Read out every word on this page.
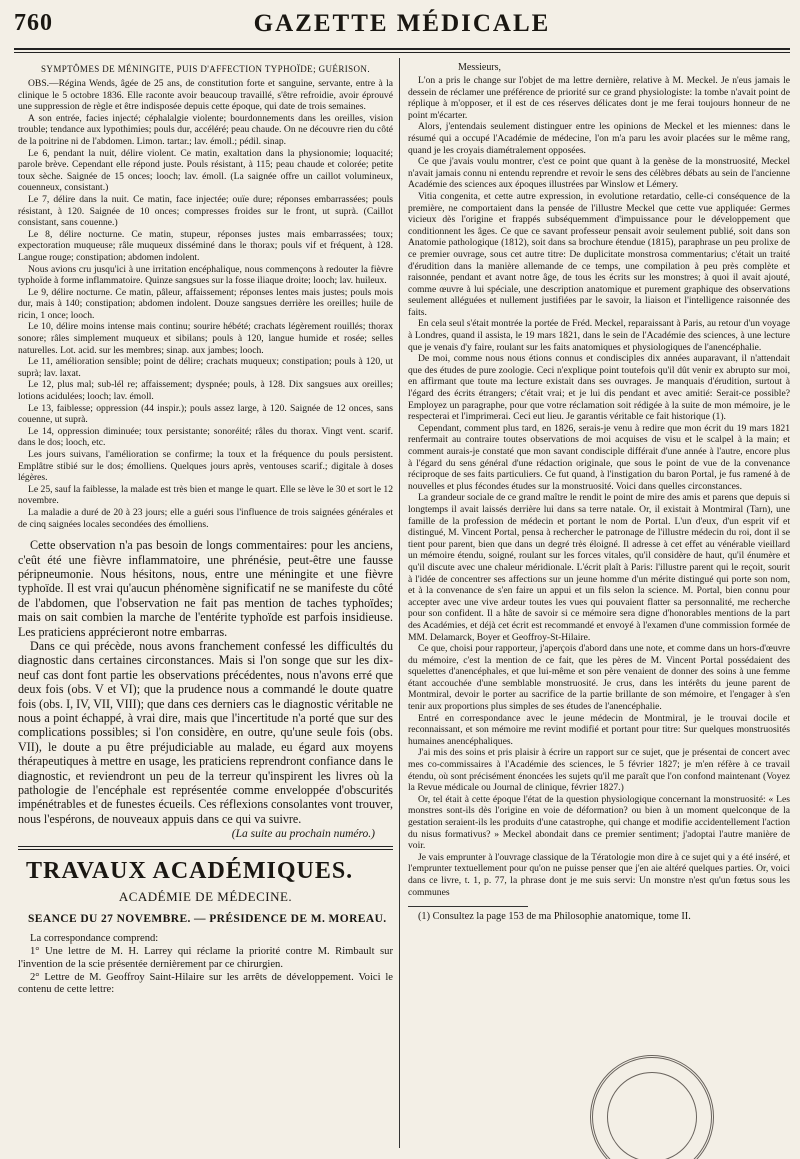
760	GAZETTE MÉDICALE
SYMPTÔMES DE MÉNINGITE, PUIS D'AFFECTION TYPHOÏDE; GUÉRISON.

OBS.—Régina Wends, âgée de 25 ans, de constitution forte et sanguine, servante, entre à la clinique le 5 octobre 1836. Elle raconte avoir beaucoup travaillé, s'être refroidie, avoir éprouvé une suppression de règle et être indisposée depuis cette époque, qui date de trois semaines.

A son entrée, facies injecté; céphalalgie violente; bourdonnements dans les oreilles, vision trouble; tendance aux lypothimies; pouls dur, accéléré; peau chaude. On ne découvre rien du côté de la poitrine ni de l'abdomen. Limon. tartar.; lav. émoll.; pédil. sinap.

Le 6, pendant la nuit, délire violent. Ce matin, exaltation dans la physionomie; loquacité; parole brève. Cependant elle répond juste. Pouls résistant, à 115; peau chaude et colorée; petite toux sèche. Saignée de 15 onces; looch; lav. émoll. (La saignée offre un caillot volumineux, couenneux, consistant.)

Le 7, délire dans la nuit. Ce matin, face injectée; ouïe dure; réponses embarrassées; pouls résistant, à 120. Saignée de 10 onces; compresses froides sur le front, ut suprà. (Caillot consistant, sans couenne.)

Le 8, délire nocturne. Ce matin, stupeur, réponses justes mais embarrassées; toux; expectoration muqueuse; râle muqueux disséminé dans le thorax; pouls vif et fréquent, à 128. Langue rouge; constipation; abdomen indolent.

Nous avions cru jusqu'ici à une irritation encéphalique, nous commençons à redouter la fièvre typhoïde à forme inflammatoire. Quinze sangsues sur la fosse iliaque droite; looch; lav. huileux.

Le 9, délire nocturne. Ce matin, pâleur, affaissement; réponses lentes mais justes; pouls mois dur, mais à 140; constipation; abdomen indolent. Douze sangsues derrière les oreilles; huile de ricin, 1 once; looch.

Le 10, délire moins intense mais continu; sourire hébété; crachats légèrement rouillés; thorax sonore; râles simplement muqueux et sibilans; pouls à 120, langue humide et rosée; selles naturelles. Lot. acid. sur les membres; sinap. aux jambes; looch.

Le 11, amélioration sensible; point de délire; crachats muqueux; constipation; pouls à 120, ut suprà; lav. laxat.

Le 12, plus mal; sub-lél re; affaissement; dyspnée; pouls, à 128. Dix sangsues aux oreilles; lotions acidulées; looch; lav. émoll.

Le 13, faiblesse; oppression (44 inspir.); pouls assez large, à 120. Saignée de 12 onces, sans couenne, ut suprà.

Le 14, oppression diminuée; toux persistante; sonoréité; râles du thorax. Vingt vent. scarif. dans le dos; looch, etc.

Les jours suivans, l'amélioration se confirme; la toux et la fréquence du pouls persistent. Emplâtre stibié sur le dos; émolliens. Quelques jours après, ventouses scarif.; digitale à doses légères.

Le 25, sauf la faiblesse, la malade est très bien et mange le quart. Elle se lève le 30 et sort le 12 novembre.

La maladie a duré de 20 à 23 jours; elle a guéri sous l'influence de trois saignées générales et de cinq saignées locales secondées des émolliens.

Cette observation n'a pas besoin de longs commentaires: pour les anciens, c'eût été une fièvre inflammatoire, une phrénésie, peut-être une fausse péripneumonie. Nous hésitons, nous, entre une méningite et une fièvre typhoïde. Il est vrai qu'aucun phénomène significatif ne se manifeste du côté de l'abdomen, que l'observation ne fait pas mention de taches typhoïdes; mais on sait combien la marche de l'entérite typhoïde est parfois insidieuse. Les praticiens apprécieront notre embarras.

Dans ce qui précède, nous avons franchement confessé les difficultés du diagnostic dans certaines circonstances. Mais si l'on songe que sur les dix-neuf cas dont font partie les observations précédentes, nous n'avons erré que deux fois (obs. V et VI); que la prudence nous a commandé le doute quatre fois (obs. I, IV, VII, VIII); que dans ces derniers cas le diagnostic véritable ne nous a point échappé, à vrai dire, mais que l'incertitude n'a porté que sur des complications possibles; si l'on considère, en outre, qu'une seule fois (obs. VII), le doute a pu être préjudiciable au malade, eu égard aux moyens thérapeutiques à mettre en usage, les praticiens reprendront confiance dans le diagnostic, et reviendront un peu de la terreur qu'inspirent les livres où la pathologie de l'encéphale est représentée comme enveloppée d'obscurités impénétrables et de funestes écueils. Ces réflexions consolantes vont trouver, nous l'espérons, de nouveaux appuis dans ce qui va suivre.

(La suite au prochain numéro.)
TRAVAUX ACADÉMIQUES.
ACADÉMIE DE MÉDECINE.
SEANCE DU 27 NOVEMBRE. — PRÉSIDENCE DE M. MOREAU.

La correspondance comprend:

1° Une lettre de M. H. Larrey qui réclame la priorité contre M. Rimbault sur l'invention de la scie présentée dernièrement par ce chirurgien.

2° Lettre de M. Geoffroy Saint-Hilaire sur les arrêts de développement. Voici le contenu de cette lettre:

Messieurs,

L'on a pris le change sur l'objet de ma lettre dernière, relative à M. Meckel. Je n'eus jamais le dessein de réclamer une préférence de priorité sur ce grand physiologiste: la tombe n'avait point de réplique à m'opposer, et il est de ces réserves délicates dont je me ferai toujours honneur de ne point m'écarter.

Alors, j'entendais seulement distinguer entre les opinions de Meckel et les miennes: dans le résumé qui a occupé l'Académie de médecine, l'on m'a paru les avoir placées sur le même rang, quand je les croyais diamétralement opposées.

Ce que j'avais voulu montrer, c'est ce point que quant à la genèse de la monstruosité, Meckel n'avait jamais connu ni entendu reprendre et revoir le sens des célèbres débats au sein de l'ancienne Académie des sciences aux époques illustrées par Winslow et Lémery.

Vitia congenita, et cette autre expression, in evolutione retardatio, celle-ci conséquence de la première, ne comportaient dans la pensée de l'illustre Meckel que cette vue appliquée: Germes vicieux dès l'origine et frappés subséquemment d'impuissance pour le développement que conditionnent les âges. Ce que ce savant professeur pensait avoir seulement publié, soit dans son Anatomie pathologique (1812), soit dans sa brochure étendue (1815), paraphrase un peu prolixe de ce premier ouvrage, sous cet autre titre: De duplicitate monstrosa commentarius; c'était un traité d'érudition dans la manière allemande de ce temps, une compilation à peu près complète et raisonnée, pendant et avant notre âge, de tous les écrits sur les monstres; à quoi il avait ajouté, comme œuvre à lui spéciale, une description anatomique et purement graphique des observations seulement alléguées et nullement justifiées par le savoir, la liaison et l'intelligence raisonnée des faits.

En cela seul s'était montrée la portée de Fréd. Meckel, reparaissant à Paris, au retour d'un voyage à Londres, quand il assista, le 19 mars 1821, dans le sein de l'Académie des sciences, à une lecture que je venais d'y faire, roulant sur les faits anatomiques et physiologiques de l'anencéphalie.

De moi, comme nous nous étions connus et condisciples dix années auparavant, il n'attendait que des études de pure zoologie. Ceci n'explique point toutefois qu'il dût venir ex abrupto sur moi, en affirmant que toute ma lecture existait dans ses ouvrages. Je manquais d'érudition, surtout à l'égard des écrits étrangers; c'était vrai; et je lui dis pendant et avec amitié: Serait-ce possible? Employez un paragraphe, pour que votre réclamation soit rédigée à la suite de mon mémoire, je le respecterai et l'imprimerai. Ceci eut lieu. Je garantis véritable ce fait historique (1).

Cependant, comment plus tard, en 1826, serais-je venu à redire que mon écrit du 19 mars 1821 renfermait au contraire toutes observations de moi acquises de visu et le scalpel à la main; et comment aurais-je constaté que mon savant condisciple différait d'une année à l'autre, encore plus à l'égard du sens général d'une rédaction originale, que sous le point de vue de la convenance réciproque de ses faits particuliers. Ce fut quand, à l'instigation du baron Portal, je fus ramené à de nouvelles et plus fécondes études sur la monstruosité. Voici dans quelles circonstances.

La grandeur sociale de ce grand maître le rendit le point de mire des amis et parens que depuis si longtemps il avait laissés derrière lui dans sa terre natale. Or, il existait à Montmiral (Tarn), une famille de la profession de médecin et portant le nom de Portal. L'un d'eux, d'un esprit vif et distingué, M. Vincent Portal, pensa à rechercher le patronage de l'illustre médecin du roi, dont il se tient pour parent, bien que dans un degré très éloigné. Il adresse à cet effet au vénérable vieillard un mémoire étendu, soigné, roulant sur les forces vitales, qu'il considère de haut, qu'il énumère et qu'il discute avec une chaleur méridionale. L'écrit plaît à Paris: l'illustre parent qui le reçoit, sourit à l'idée de concentrer ses affections sur un jeune homme d'un mérite distingué qui porte son nom, et à la convenance de s'en faire un appui et un fils selon la science. M. Portal, bien connu pour accepter avec une vive ardeur toutes les vues qui pouvaient flatter sa personnalité, me recherche pour son confident. Il a hâte de savoir si ce mémoire sera digne d'honorables mentions de la part des Académies, et déjà cet écrit est recommandé et envoyé à l'examen d'une commission formée de MM. Delamarck, Boyer et Geoffroy-St-Hilaire.

Ce que, choisi pour rapporteur, j'aperçois d'abord dans une note, et comme dans un hors-d'œuvre du mémoire, c'est la mention de ce fait, que les pères de M. Vincent Portal possédaient des squelettes d'anencéphales, et que lui-même et son père venaient de donner des soins à une femme étant accouchée d'une semblable monstruosité. Je crus, dans les intérêts du jeune parent de Montmiral, devoir le porter au sacrifice de la partie brillante de son mémoire, et l'engager à s'en tenir aux proportions plus simples de ses études de l'anencéphalie.

Entré en correspondance avec le jeune médecin de Montmiral, je le trouvai docile et reconnaissant, et son mémoire me revint modifié et portant pour titre: Sur quelques monstruosités humaines anencéphaliques.

J'ai mis des soins et pris plaisir à écrire un rapport sur ce sujet, que je présentai de concert avec mes co-commissaires à l'Académie des sciences, le 5 février 1827; je m'en réfère à ce travail étendu, où sont précisément énoncées les sujets qu'il me paraît que l'on confond maintenant (Voyez la Revue médicale ou Journal de clinique, février 1827.)

Or, tel était à cette époque l'état de la question physiologique concernant la monstruosité: « Les monstres sont-ils dès l'origine en voie de déformation? ou bien à un moment quelconque de la gestation seraient-ils les produits d'une catastrophe, qui change et modifie accidentellement l'action du nisus formativus? » Meckel abondait dans ce premier sentiment; j'adoptai l'autre manière de voir.

Je vais emprunter à l'ouvrage classique de la Tératologie mon dire à ce sujet qui y a été inséré, et l'emprunter textuellement pour qu'on ne puisse penser que j'en aie altéré quelques parties. Or, voici dans ce livre, t. 1, p. 77, la phrase dont je me suis servi: Un monstre n'est qu'un fœtus sous les communes

(1) Consultez la page 153 de ma Philosophie anatomique, tome II.
